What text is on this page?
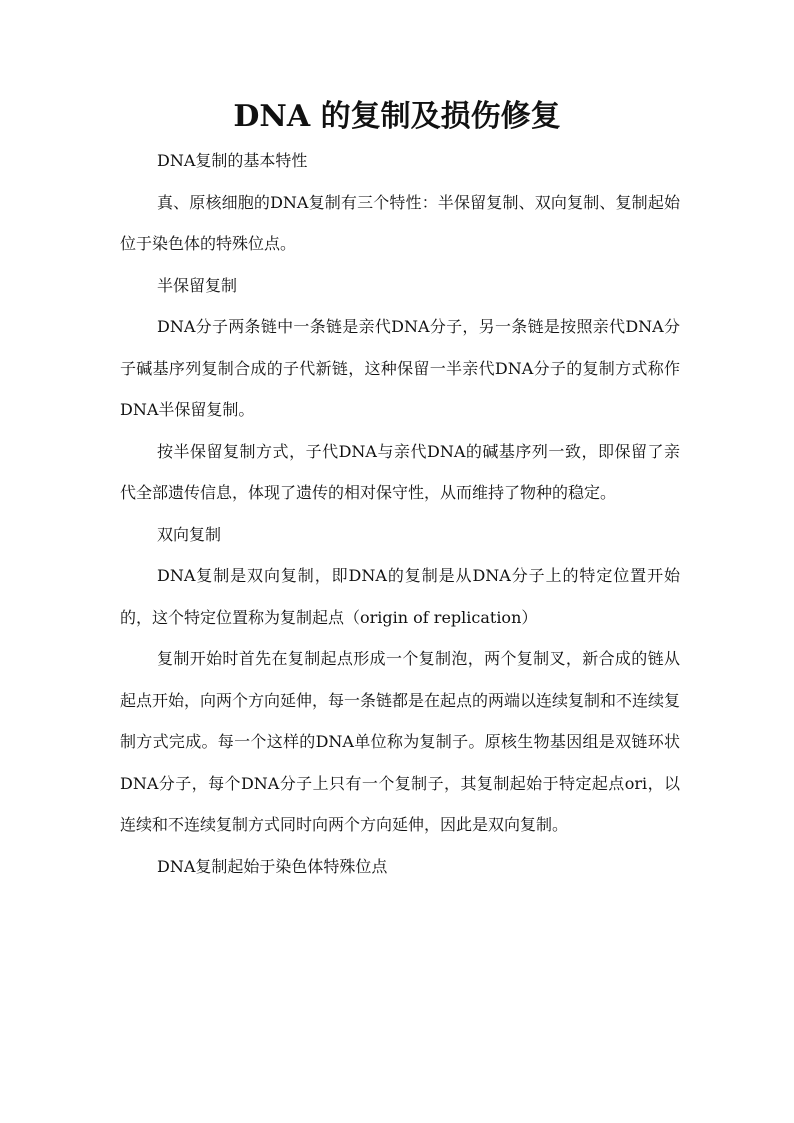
DNA 的复制及损伤修复

DNA复制的基本特性

真、原核细胞的DNA复制有三个特性：半保留复制、双向复制、复制起始位于染色体的特殊位点。

半保留复制

DNA分子两条链中一条链是亲代DNA分子，另一条链是按照亲代DNA分子碱基序列复制合成的子代新链，这种保留一半亲代DNA分子的复制方式称作DNA半保留复制。

按半保留复制方式，子代DNA与亲代DNA的碱基序列一致，即保留了亲代全部遗传信息，体现了遗传的相对保守性，从而维持了物种的稳定。

双向复制

DNA复制是双向复制，即DNA的复制是从DNA分子上的特定位置开始的，这个特定位置称为复制起点（origin of replication）

复制开始时首先在复制起点形成一个复制泡，两个复制叉，新合成的链从起点开始，向两个方向延伸，每一条链都是在起点的两端以连续复制和不连续复制方式完成。每一个这样的DNA单位称为复制子。原核生物基因组是双链环状DNA分子，每个DNA分子上只有一个复制子，其复制起始于特定起点ori，以连续和不连续复制方式同时向两个方向延伸，因此是双向复制。

DNA复制起始于染色体特殊位点
